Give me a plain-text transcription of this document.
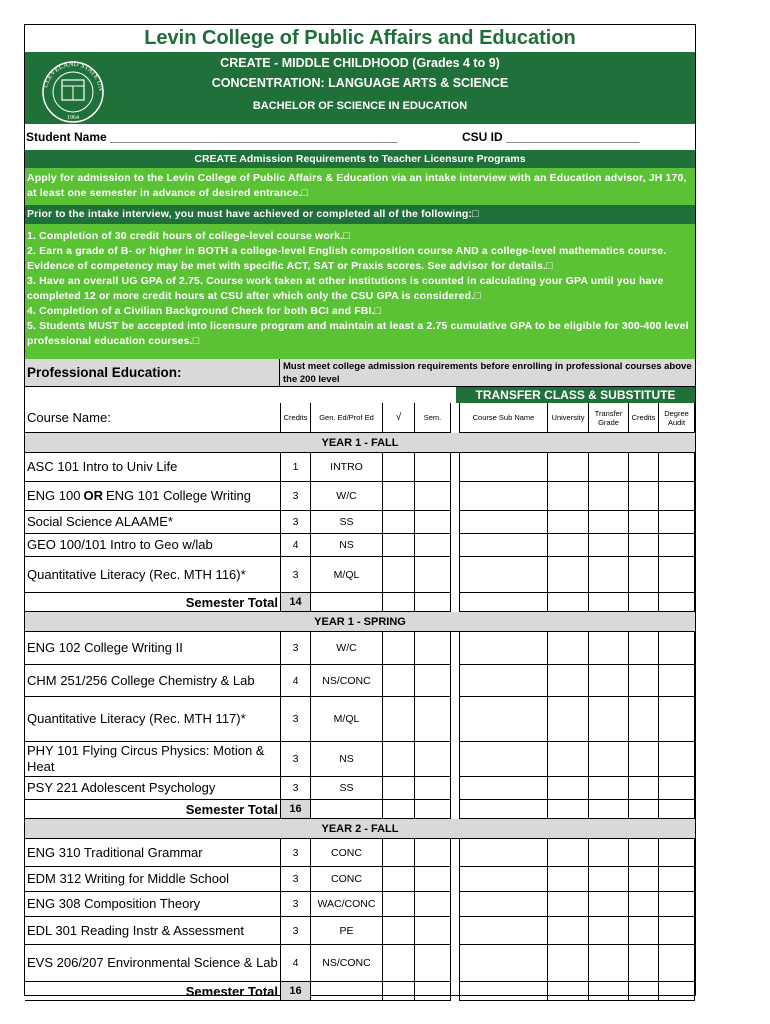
Levin College of Public Affairs and Education
CLEVELAND STATE UN
1964
CREATE - MIDDLE CHILDHOOD (Grades 4 to 9)
CONCENTRATION: LANGUAGE ARTS & SCIENCE
BACHELOR OF SCIENCE IN EDUCATION
Student Name ___________________________________________	CSU ID ____________________
CREATE Admission Requirements to Teacher Licensure Programs
Apply for admission to the Levin College of Public Affairs & Education via an intake interview with an Education advisor, JH 170, at least one semester in advance of desired entrance.□
Prior to the intake interview, you must have achieved or completed all of the following:□
1. Completion of 30 credit hours of college-level course work.□
2. Earn a grade of B- or higher in BOTH a college-level English composition course AND a college-level mathematics course. Evidence of competency may be met with specific ACT, SAT or Praxis scores. See advisor for details.□
3. Have an overall UG GPA of 2.75. Course work taken at other institutions is counted in calculating your GPA until you have completed 12 or more credit hours at CSU after which only the CSU GPA is considered.□
4. Completion of a Civilian Background Check for both BCI and FBI.□
5. Students MUST be accepted into licensure program and maintain at least a 2.75 cumulative GPA to be eligible for 300-400 level professional education courses.□
Professional Education:	Must meet college admission requirements before enrolling in professional courses above the 200 level
TRANSFER CLASS & SUBSTITUTE
Course Name:	Credits	Gen. Ed/Prof Ed	√	Sem.	Course Sub Name	University	Transfer Grade	Credits	Degree Audit
YEAR 1 - FALL
ASC 101 Intro to Univ Life	1	INTRO
ENG 100 OR ENG 101 College Writing	3	W/C
Social Science ALAAME*	3	SS
GEO 100/101 Intro to Geo w/lab	4	NS
Quantitative Literacy (Rec. MTH 116)*	3	M/QL
Semester Total	14
YEAR 1 - SPRING
ENG 102 College Writing II	3	W/C
CHM 251/256 College Chemistry & Lab	4	NS/CONC
Quantitative Literacy (Rec. MTH 117)*	3	M/QL
PHY 101 Flying Circus Physics: Motion & Heat	3	NS
PSY 221 Adolescent Psychology	3	SS
Semester Total	16
YEAR 2 - FALL
ENG 310 Traditional Grammar	3	CONC
EDM 312 Writing for Middle School	3	CONC
ENG 308 Composition Theory	3	WAC/CONC
EDL 301 Reading Instr & Assessment	3	PE
EVS 206/207 Environmental Science & Lab	4	NS/CONC
Semester Total	16
